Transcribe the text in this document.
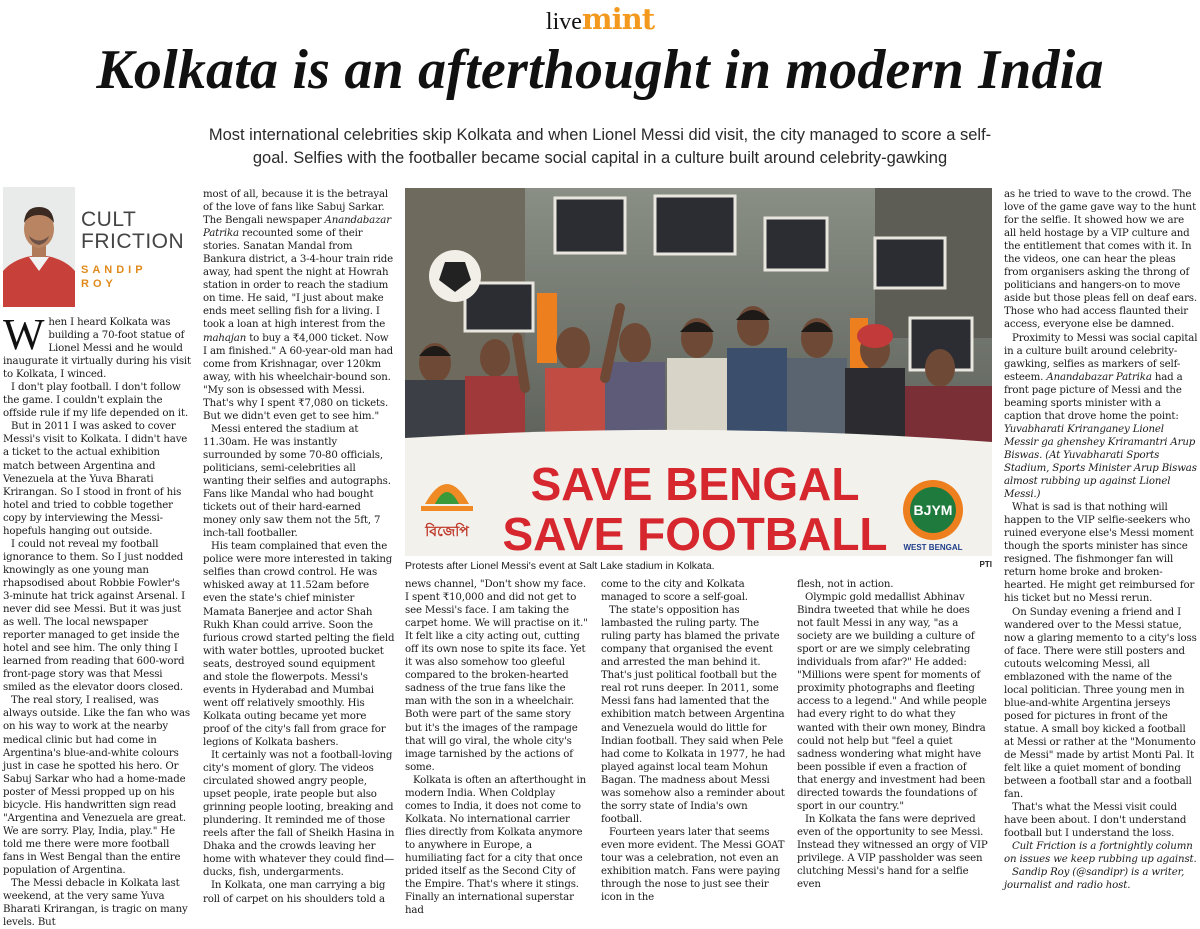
livemint
Kolkata is an afterthought in modern India

Most international celebrities skip Kolkata and when Lionel Messi did visit, the city managed to score a self-goal. Selfies with the footballer became social capital in a culture built around celebrity-gawking

CULT
FRICTION
SANDIP
ROY

When I heard Kolkata was building a 70-foot statue of Lionel Messi and he would inaugurate it virtually during his visit to Kolkata, I winced.

I don't play football. I don't follow the game. I couldn't explain the offside rule if my life depended on it.

But in 2011 I was asked to cover Messi's visit to Kolkata. I didn't have a ticket to the actual exhibition match between Argentina and Venezuela at the Yuva Bharati Krirangan. So I stood in front of his hotel and tried to cobble together copy by interviewing the Messi-hopefuls hanging out outside.

I could not reveal my football ignorance to them. So I just nodded knowingly as one young man rhapsodised about Robbie Fowler's 3-minute hat trick against Arsenal. I never did see Messi. But it was just as well. The local newspaper reporter managed to get inside the hotel and see him. The only thing I learned from reading that 600-word front-page story was that Messi smiled as the elevator doors closed.

The real story, I realised, was always outside. Like the fan who was on his way to work at the nearby medical clinic but had come in Argentina's blue-and-white colours just in case he spotted his hero. Or Sabuj Sarkar who had a home-made poster of Messi propped up on his bicycle. His handwritten sign read "Argentina and Venezuela are great. We are sorry. Play, India, play." He told me there were more football fans in West Bengal than the entire population of Argentina.

The Messi debacle in Kolkata last weekend, at the very same Yuva Bharati Krirangan, is tragic on many levels. But

most of all, because it is the betrayal of the love of fans like Sabuj Sarkar. The Bengali newspaper Anandabazar Patrika recounted some of their stories. Sanatan Mandal from Bankura district, a 3-4-hour train ride away, had spent the night at Howrah station in order to reach the stadium on time. He said, "I just about make ends meet selling fish for a living. I took a loan at high interest from the mahajan to buy a ₹4,000 ticket. Now I am finished." A 60-year-old man had come from Krishnagar, over 120km away, with his wheelchair-bound son. "My son is obsessed with Messi. That's why I spent ₹7,080 on tickets. But we didn't even get to see him."

Messi entered the stadium at 11.30am. He was instantly surrounded by some 70-80 officials, politicians, semi-celebrities all wanting their selfies and autographs. Fans like Mandal who had bought tickets out of their hard-earned money only saw them not the 5ft, 7 inch-tall footballer.

His team complained that even the police were more interested in taking selfies than crowd control. He was whisked away at 11.52am before even the state's chief minister Mamata Banerjee and actor Shah Rukh Khan could arrive. Soon the furious crowd started pelting the field with water bottles, uprooted bucket seats, destroyed sound equipment and stole the flowerpots. Messi's events in Hyderabad and Mumbai went off relatively smoothly. His Kolkata outing became yet more proof of the city's fall from grace for legions of Kolkata bashers.

It certainly was not a football-loving city's moment of glory. The videos circulated showed angry people, upset people, irate people but also grinning people looting, breaking and plundering. It reminded me of those reels after the fall of Sheikh Hasina in Dhaka and the crowds leaving her home with whatever they could find—ducks, fish, undergarments.

In Kolkata, one man carrying a big roll of carpet on his shoulders told a

বিজেপি
SAVE BENGAL
SAVE FOOTBALL BJYM
WEST BENGAL
Protests after Lionel Messi's event at Salt Lake stadium in Kolkata.	PTI

news channel, "Don't show my face. I spent ₹10,000 and did not get to see Messi's face. I am taking the carpet home. We will practise on it." It felt like a city acting out, cutting off its own nose to spite its face. Yet it was also somehow too gleeful compared to the broken-hearted sadness of the true fans like the man with the son in a wheelchair. Both were part of the same story but it's the images of the rampage that will go viral, the whole city's image tarnished by the actions of some.

Kolkata is often an afterthought in modern India. When Coldplay comes to India, it does not come to Kolkata. No international carrier flies directly from Kolkata anymore to anywhere in Europe, a humiliating fact for a city that once prided itself as the Second City of the Empire. That's where it stings. Finally an international superstar had

come to the city and Kolkata managed to score a self-goal.

The state's opposition has lambasted the ruling party. The ruling party has blamed the private company that organised the event and arrested the man behind it. That's just political football but the real rot runs deeper. In 2011, some Messi fans had lamented that the exhibition match between Argentina and Venezuela would do little for Indian football. They said when Pele had come to Kolkata in 1977, he had played against local team Mohun Bagan. The madness about Messi was somehow also a reminder about the sorry state of India's own football.

Fourteen years later that seems even more evident. The Messi GOAT tour was a celebration, not even an exhibition match. Fans were paying through the nose to just see their icon in the

flesh, not in action.

Olympic gold medallist Abhinav Bindra tweeted that while he does not fault Messi in any way, "as a society are we building a culture of sport or are we simply celebrating individuals from afar?" He added: "Millions were spent for moments of proximity photographs and fleeting access to a legend." And while people had every right to do what they wanted with their own money, Bindra could not help but "feel a quiet sadness wondering what might have been possible if even a fraction of that energy and investment had been directed towards the foundations of sport in our country."

In Kolkata the fans were deprived even of the opportunity to see Messi. Instead they witnessed an orgy of VIP privilege. A VIP passholder was seen clutching Messi's hand for a selfie even

as he tried to wave to the crowd. The love of the game gave way to the hunt for the selfie. It showed how we are all held hostage by a VIP culture and the entitlement that comes with it. In the videos, one can hear the pleas from organisers asking the throng of politicians and hangers-on to move aside but those pleas fell on deaf ears. Those who had access flaunted their access, everyone else be damned.

Proximity to Messi was social capital in a culture built around celebrity-gawking, selfies as markers of self-esteem. Anandabazar Patrika had a front page picture of Messi and the beaming sports minister with a caption that drove home the point: Yuvabharati Kriranganey Lionel Messir ga ghenshey Kriramantri Arup Biswas. (At Yuvabharati Sports Stadium, Sports Minister Arup Biswas almost rubbing up against Lionel Messi.)

What is sad is that nothing will happen to the VIP selfie-seekers who ruined everyone else's Messi moment though the sports minister has since resigned. The fishmonger fan will return home broke and broken-hearted. He might get reimbursed for his ticket but no Messi rerun.

On Sunday evening a friend and I wandered over to the Messi statue, now a glaring memento to a city's loss of face. There were still posters and cutouts welcoming Messi, all emblazoned with the name of the local politician. Three young men in blue-and-white Argentina jerseys posed for pictures in front of the statue. A small boy kicked a football at Messi or rather at the "Monumento de Messi" made by artist Monti Pal. It felt like a quiet moment of bonding between a football star and a football fan.

That's what the Messi visit could have been about. I don't understand football but I understand the loss.

Cult Friction is a fortnightly column on issues we keep rubbing up against.

Sandip Roy (@sandipr) is a writer, journalist and radio host.
